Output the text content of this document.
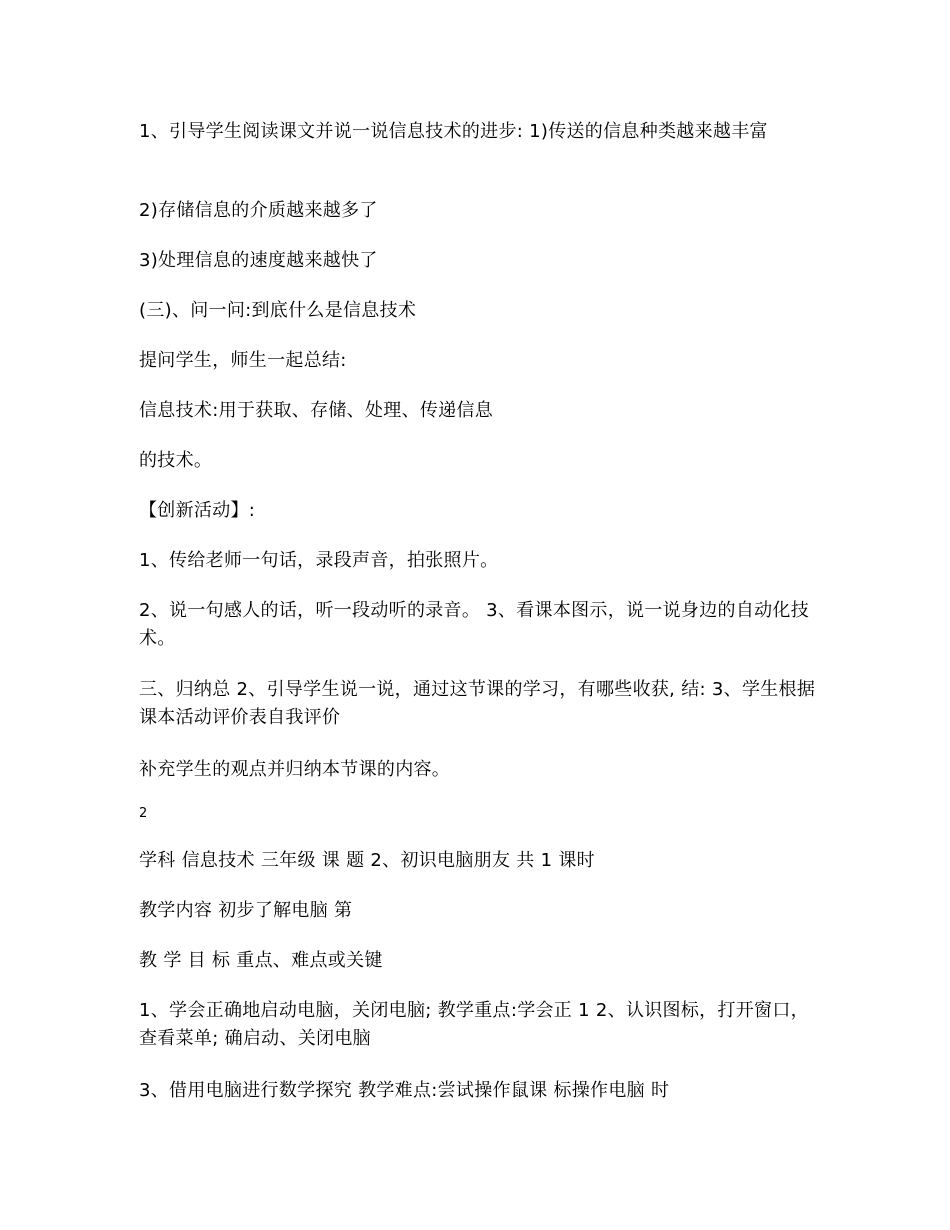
1、引导学生阅读课文并说一说信息技术的进步: 1)传送的信息种类越来越丰富

2)存储信息的介质越来越多了

3)处理信息的速度越来越快了

(三)、问一问:到底什么是信息技术

提问学生，师生一起总结:

信息技术:用于获取、存储、处理、传递信息

的技术。

【创新活动】:

1、传给老师一句话，录段声音，拍张照片。

2、说一句感人的话，听一段动听的录音。 3、看课本图示，说一说身边的自动化技术。

三、归纳总 2、引导学生说一说，通过这节课的学习，有哪些收获, 结: 3、学生根据课本活动评价表自我评价

补充学生的观点并归纳本节课的内容。

2

学科 信息技术 三年级 课 题 2、初识电脑朋友 共 1 课时

教学内容 初步了解电脑 第

教 学 目 标 重点、难点或关键

1、学会正确地启动电脑，关闭电脑; 教学重点:学会正 1 2、认识图标，打开窗口，查看菜单; 确启动、关闭电脑

3、借用电脑进行数学探究 教学难点:尝试操作鼠课 标操作电脑 时
